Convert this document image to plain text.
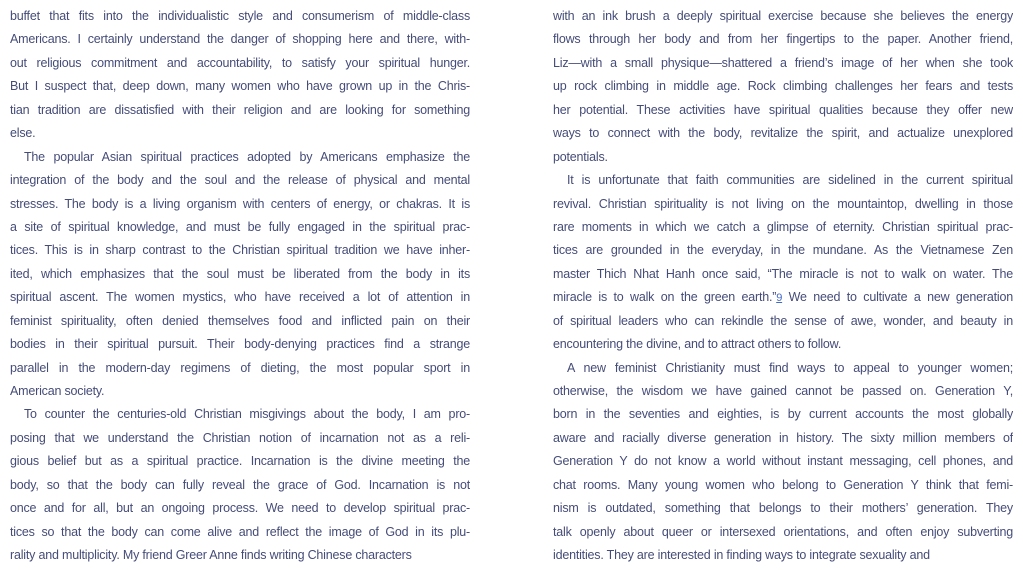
buffet that fits into the individualistic style and consumerism of middle-class
Americans. I certainly understand the danger of shopping here and there, with-
out religious commitment and accountability, to satisfy your spiritual hunger.
But I suspect that, deep down, many women who have grown up in the Chris-
tian tradition are dissatisfied with their religion and are looking for something
else.
The popular Asian spiritual practices adopted by Americans emphasize the
integration of the body and the soul and the release of physical and mental
stresses. The body is a living organism with centers of energy, or chakras. It is
a site of spiritual knowledge, and must be fully engaged in the spiritual prac-
tices. This is in sharp contrast to the Christian spiritual tradition we have inher-
ited, which emphasizes that the soul must be liberated from the body in its
spiritual ascent. The women mystics, who have received a lot of attention in
feminist spirituality, often denied themselves food and inflicted pain on their
bodies in their spiritual pursuit. Their body-denying practices find a strange
parallel in the modern-day regimens of dieting, the most popular sport in
American society.
To counter the centuries-old Christian misgivings about the body, I am pro-
posing that we understand the Christian notion of incarnation not as a reli-
gious belief but as a spiritual practice. Incarnation is the divine meeting the
body, so that the body can fully reveal the grace of God. Incarnation is not
once and for all, but an ongoing process. We need to develop spiritual prac-
tices so that the body can come alive and reflect the image of God in its plu-
rality and multiplicity. My friend Greer Anne finds writing Chinese characters
with an ink brush a deeply spiritual exercise because she believes the energy
flows through her body and from her fingertips to the paper. Another friend,
Liz—with a small physique—shattered a friend’s image of her when she took
up rock climbing in middle age. Rock climbing challenges her fears and tests
her potential. These activities have spiritual qualities because they offer new
ways to connect with the body, revitalize the spirit, and actualize unexplored
potentials.
It is unfortunate that faith communities are sidelined in the current spiritual
revival. Christian spirituality is not living on the mountaintop, dwelling in those
rare moments in which we catch a glimpse of eternity. Christian spiritual prac-
tices are grounded in the everyday, in the mundane. As the Vietnamese Zen
master Thich Nhat Hanh once said, “The miracle is not to walk on water. The
miracle is to walk on the green earth.”9 We need to cultivate a new generation
of spiritual leaders who can rekindle the sense of awe, wonder, and beauty in
encountering the divine, and to attract others to follow.
A new feminist Christianity must find ways to appeal to younger women;
otherwise, the wisdom we have gained cannot be passed on. Generation Y,
born in the seventies and eighties, is by current accounts the most globally
aware and racially diverse generation in history. The sixty million members of
Generation Y do not know a world without instant messaging, cell phones, and
chat rooms. Many young women who belong to Generation Y think that femi-
nism is outdated, something that belongs to their mothers’ generation. They
talk openly about queer or intersexed orientations, and often enjoy subverting
identities. They are interested in finding ways to integrate sexuality and
